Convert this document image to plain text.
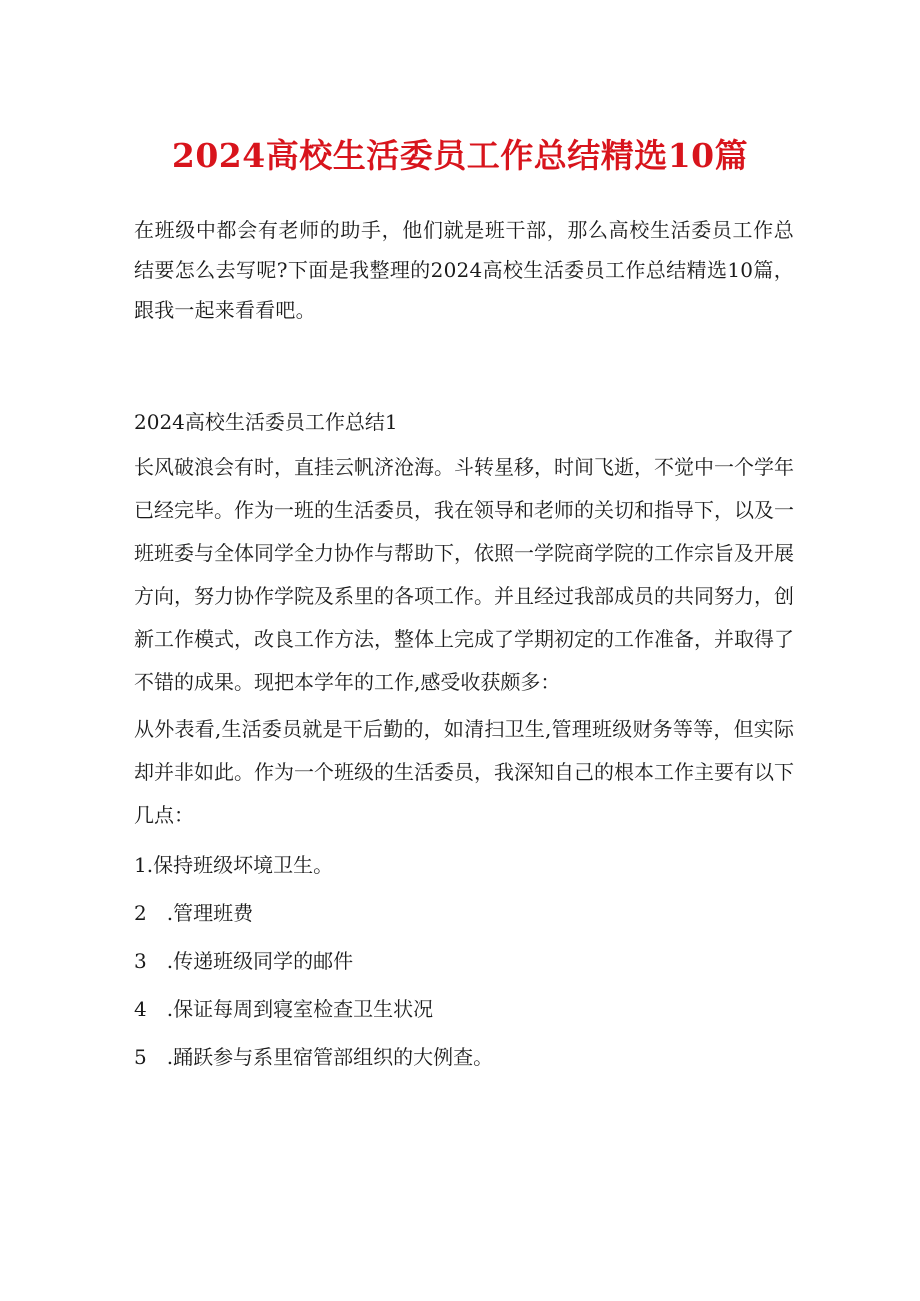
2024高校生活委员工作总结精选10篇

在班级中都会有老师的助手，他们就是班干部，那么高校生活委员工作总结要怎么去写呢?下面是我整理的2024高校生活委员工作总结精选10篇，跟我一起来看看吧。

2024高校生活委员工作总结1

长风破浪会有时，直挂云帆济沧海。斗转星移，时间飞逝，不觉中一个学年已经完毕。作为一班的生活委员，我在领导和老师的关切和指导下，以及一班班委与全体同学全力协作与帮助下，依照一学院商学院的工作宗旨及开展方向，努力协作学院及系里的各项工作。并且经过我部成员的共同努力，创新工作模式，改良工作方法，整体上完成了学期初定的工作准备，并取得了不错的成果。现把本学年的工作,感受收获颇多：

从外表看,生活委员就是干后勤的，如清扫卫生,管理班级财务等等，但实际却并非如此。作为一个班级的生活委员，我深知自己的根本工作主要有以下几点：

1.保持班级坏境卫生。
2　.管理班费
3　.传递班级同学的邮件
4　.保证每周到寝室检查卫生状况
5　.踊跃参与系里宿管部组织的大例查。
